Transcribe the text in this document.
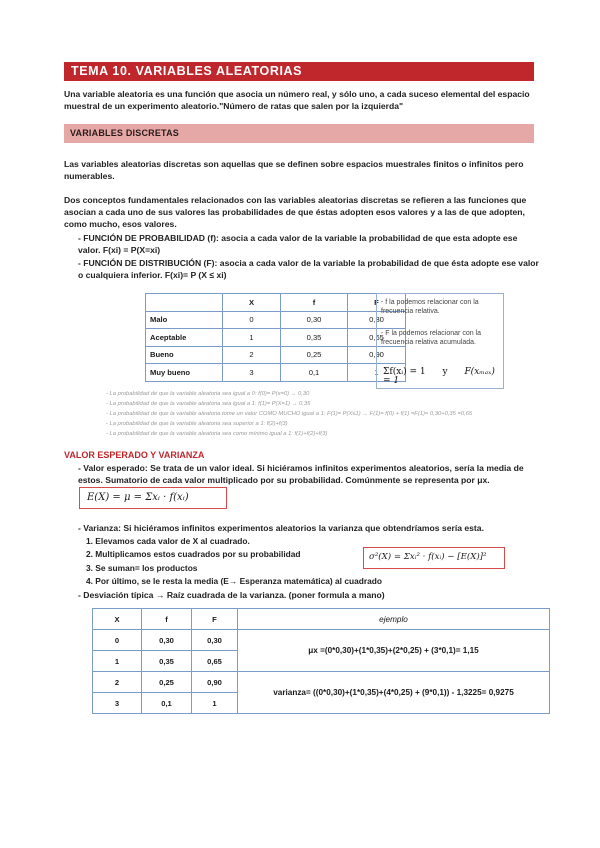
TEMA 10. VARIABLES ALEATORIAS
Una variable aleatoria es una función que asocia un número real, y sólo uno, a cada suceso elemental del espacio muestral de un experimento aleatorio."Número de ratas que salen por la izquierda"
VARIABLES DISCRETAS
Las variables aleatorias discretas son aquellas que se definen sobre espacios muestrales finitos o infinitos pero numerables.
Dos conceptos fundamentales relacionados con las variables aleatorias discretas se refieren a las funciones que asocian a cada uno de sus valores las probabilidades de que éstas adopten esos valores y a las de que adopten, como mucho, esos valores.
- FUNCIÓN DE PROBABILIDAD (f): asocia a cada valor de la variable la probabilidad de que esta adopte ese valor. F(xi) = P(X=xi)
- FUNCIÓN DE DISTRIBUCIÓN (F): asocia a cada valor de la variable la probabilidad de que ésta adopte ese valor o cualquiera inferior. F(xi)= P (X ≤ xi)
	X	f	F
Malo	0	0,30	0,30
Aceptable	1	0,35	0,65
Bueno	2	0,25	0,90
Muy bueno	3	0,1	1
- f la podemos relacionar con la frecuencia relativa.
- F la podemos relacionar con la frecuencia relativa acumulada.
Σf(xᵢ) = 1 y F(xₘₐₓ) = 1
- La probabilidad de que la variable aleatoria sea igual a 0: f(0)= P(x=0) → 0,30
- La probabilidad de que la variable aleatoria sea igual a 1: f(1)= P(X=1) → 0,35
- La probabilidad de que la variable aleatoria tome un valor COMO MUCHO igual a 1: F(1)= P(X≤1) → F(1)= f(0) + f(1) =F(1)= 0,30+0,35 =0,65
- La probabilidad de que la variable aleatoria sea superior a 1: f(2)+f(3)
- La probabilidad de que la variable aleatoria sea como mínimo igual a 1: f(1)+f(2)+f(3)
VALOR ESPERADO Y VARIANZA
- Valor esperado: Se trata de un valor ideal. Si hiciéramos infinitos experimentos aleatorios, sería la media de estos. Sumatorio de cada valor multiplicado por su probabilidad. Comúnmente se representa por μx.
E(X) = μ = Σxᵢ · f(xᵢ)
- Varianza: Si hiciéramos infinitos experimentos aleatorios la varianza que obtendríamos sería esta.
1. Elevamos cada valor de X al cuadrado.
2. Multiplicamos estos cuadrados por su probabilidad
3. Se suman= los productos
4. Por último, se le resta la media (E→ Esperanza matemática) al cuadrado
σ²(X) = Σxᵢ² · f(xᵢ) − [E(X)]²
- Desviación típica → Raíz cuadrada de la varianza. (poner formula a mano)
X	f	F	ejemplo
0	0,30	0,30	μx =(0*0,30)+(1*0,35)+(2*0,25) + (3*0,1)= 1,15
1	0,35	0,65	
2	0,25	0,90	varianza= ((0*0,30)+(1*0,35)+(4*0,25) + (9*0,1)) - 1,3225= 0,9275
3	0,1	1	
